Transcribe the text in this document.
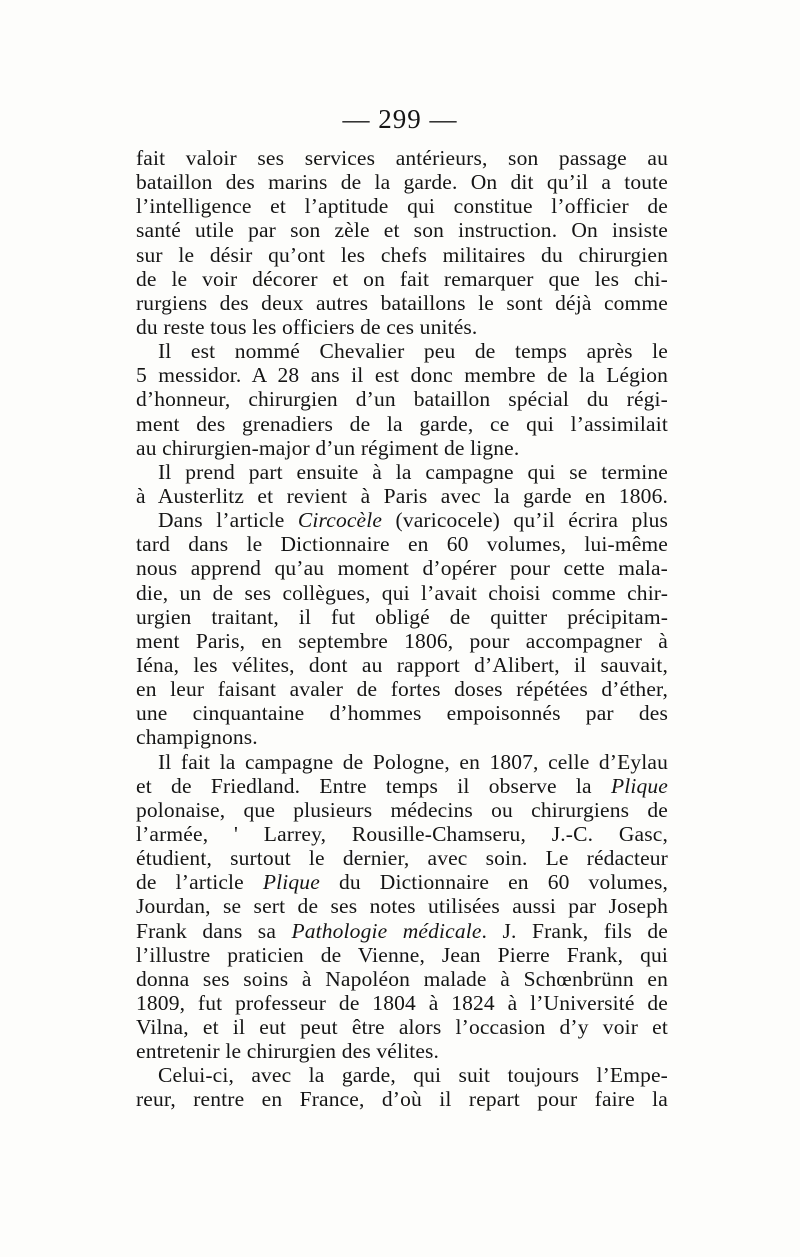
— 299 —
fait valoir ses services antérieurs, son passage au
bataillon des marins de la garde. On dit qu’il a toute
l’intelligence et l’aptitude qui constitue l’officier de
santé utile par son zèle et son instruction. On insiste
sur le désir qu’ont les chefs militaires du chirurgien
de le voir décorer et on fait remarquer que les chi-
rurgiens des deux autres bataillons le sont déjà comme
du reste tous les officiers de ces unités.
Il est nommé Chevalier peu de temps après le
5 messidor. A 28 ans il est donc membre de la Légion
d’honneur, chirurgien d’un bataillon spécial du régi-
ment des grenadiers de la garde, ce qui l’assimilait
au chirurgien-major d’un régiment de ligne.
Il prend part ensuite à la campagne qui se termine
à Austerlitz et revient à Paris avec la garde en 1806.
Dans l’article Circocèle (varicocele) qu’il écrira plus
tard dans le Dictionnaire en 60 volumes, lui-même
nous apprend qu’au moment d’opérer pour cette mala-
die, un de ses collègues, qui l’avait choisi comme chir-
urgien traitant, il fut obligé de quitter précipitam-
ment Paris, en septembre 1806, pour accompagner à
Iéna, les vélites, dont au rapport d’Alibert, il sauvait,
en leur faisant avaler de fortes doses répétées d’éther,
une cinquantaine d’hommes empoisonnés par des
champignons.
Il fait la campagne de Pologne, en 1807, celle d’Eylau
et de Friedland. Entre temps il observe la Plique
polonaise, que plusieurs médecins ou chirurgiens de
l’armée, ' Larrey, Rousille-Chamseru, J.-C. Gasc,
étudient, surtout le dernier, avec soin. Le rédacteur
de l’article Plique du Dictionnaire en 60 volumes,
Jourdan, se sert de ses notes utilisées aussi par Joseph
Frank dans sa Pathologie médicale. J. Frank, fils de
l’illustre praticien de Vienne, Jean Pierre Frank, qui
donna ses soins à Napoléon malade à Schœnbrünn en
1809, fut professeur de 1804 à 1824 à l’Université de
Vilna, et il eut peut être alors l’occasion d’y voir et
entretenir le chirurgien des vélites.
Celui-ci, avec la garde, qui suit toujours l’Empe-
reur, rentre en France, d’où il repart pour faire la
